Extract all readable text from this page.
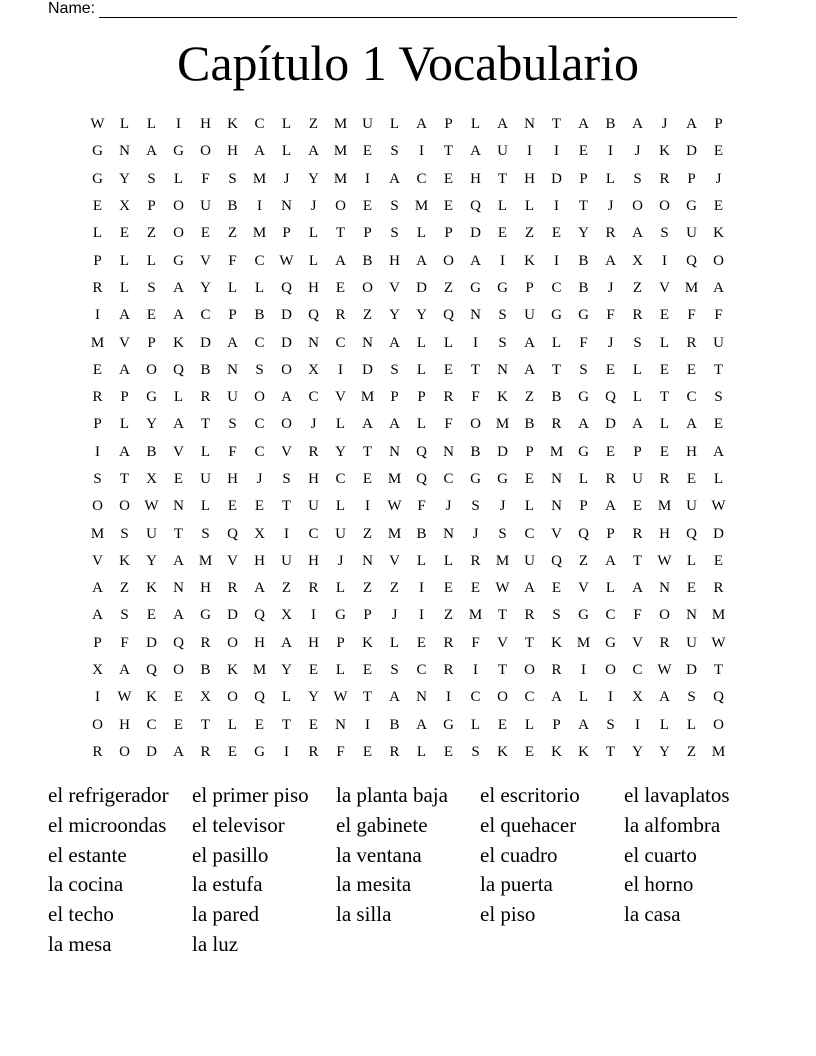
Name:
Capítulo 1 Vocabulario
W	L	L	I	H	K	C	L	Z	M U	L	A	P	L	A	N	T	A	B	A	J	A	P
G	N	A	G	O	H	A	L	A M	E	S	I	T	A	U	I	I	E	I	J	K	D	E
G	Y	S	L	F	S	M	J	Y M	I	A	C	E	H	T	H	D	P	L	S	R	P	J
E	X	P	O	U	B	I	N	J	O	E	S	M	E	Q	L	L	I	T	J	O	O	G	E
L	E	Z	O	E	Z	M	P	L	T	P	S	L	P	D	E	Z	E	Y	R	A	S	U	K
P	L	L	G	V	F	C W	L	A	B	H	A	O	A	I	K	I	B	A	X	I	Q	O
R	L	S	A	Y	L	L	Q	H	E	O	V	D	Z	G	G	P	C	B	J	Z	V M A
I	A	E	A	C	P	B	D	Q	R	Z	Y	Y	Q	N	S	U	G	G	F	R	E	F	F
M V	P	K	D	A	C	D	N	C	N	A	L	L	I	S	A	L	F	J	S	L	R	U
E	A	O	Q	B	N	S	O	X	I	D	S	L	E	T	N	A	T	S	E	L	E	E	T
R	P	G	L	R	U	O	A	C	V M	P	P	R	F	K	Z	B	G	Q	L	T	C	S
P	L	Y	A	T	S	C	O	J	L	A	A	L	F	O M	B	R	A	D	A	L	A	E
I	A	B	V	L	F	C	V	R	Y	T	N	Q	N	B	D	P	M G	E	P	E	H	A
S	T	X	E	U	H	J	S	H	C	E	M Q	C	G	G	E	N	L	R	U	R	E	L
O	O W N	L	E	E	T	U	L	I	W	F	J	S	J	L	N	P	A	E	M U W
M	S	U	T	S	Q	X	I	C	U	Z	M	B	N	J	S	C	V	Q	P	R	H	Q	D
V	K	Y	A M V	H	U	H	J	N	V	L	L	R	M U	Q	Z	A	T	W	L	E
A	Z	K	N	H	R	A	Z	R	L	Z	Z	I	E	E	W A	E	V	L	A	N	E	R
A	S	E	A	G	D	Q	X	I	G	P	J	I	Z	M	T	R	S	G	C	F	O	N M
P	F	D	Q	R	O	H	A	H	P	K	L	E	R	F	V	T	K M G	V	R	U W
X	A	Q	O	B	K M Y	E	L	E	S	C	R	I	T	O	R	I	O	C W D	T
I	W K	E	X	O	Q	L	Y W	T	A	N	I	C	O	C	A	L	I	X	A	S	Q
O	H	C	E	T	L	E	T	E	N	I	B	A	G	L	E	L	P	A	S	I	L	L	O
R	O	D	A	R	E	G	I	R	F	E	R	L	E	S	K	E	K	K	T	Y	Y	Z	M
el refrigerador	el primer piso	la planta baja	el escritorio	el lavaplatos
el microondas	el televisor	el gabinete	el quehacer	la alfombra
el estante	el pasillo	la ventana	el cuadro	el cuarto
la cocina	la estufa	la mesita	la puerta	el horno
el techo	la pared	la silla	el piso	la casa
la mesa	la luz
